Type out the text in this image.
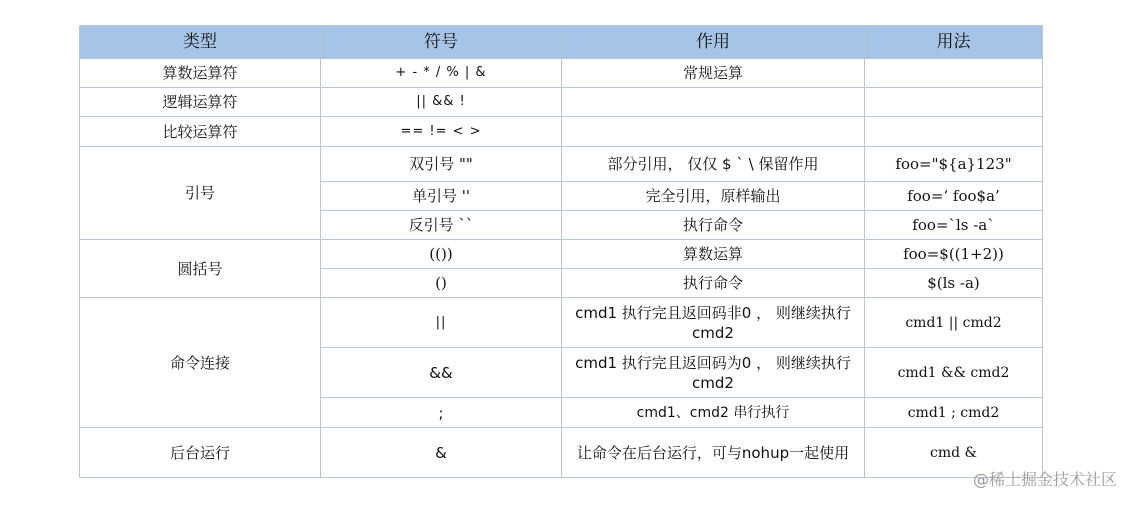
类型	符号	作用	用法
算数运算符	+ - * / % | &	常规运算	
逻辑运算符	|| && !		
比较运算符	== != < >		
引号	双引号 ""	部分引用， 仅仅 $ ` \ 保留作用	foo="${a}123"
	单引号 ''	完全引用，原样输出	foo=‘ foo$a’
	反引号 ``	执行命令	foo=`ls -a`
圆括号	(())	算数运算	foo=$((1+2))
	()	执行命令	$(ls -a)
命令连接	||	cmd1 执行完且返回码非0 ， 则继续执行 cmd2	cmd1 || cmd2
	&&	cmd1 执行完且返回码为0 ， 则继续执行 cmd2	cmd1 && cmd2
	;	cmd1、cmd2 串行执行	cmd1 ; cmd2
后台运行	&	让命令在后台运行，可与nohup一起使用	cmd &
@稀土掘金技术社区
